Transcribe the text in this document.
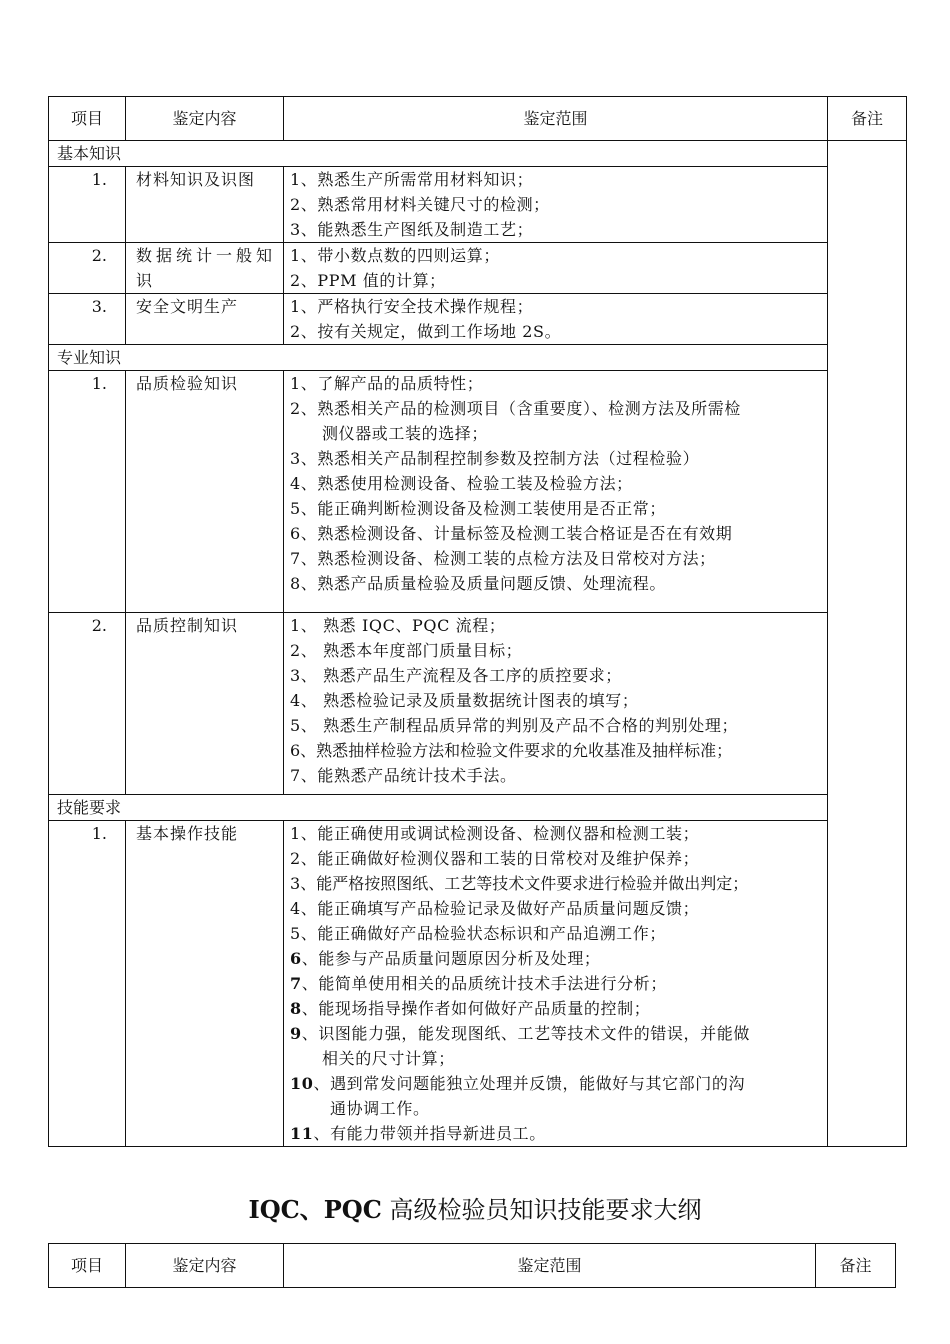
项目	鉴定内容	鉴定范围	备注
基本知识			
1.	材料知识及识图	1、熟悉生产所需常用材料知识；
2、熟悉常用材料关键尺寸的检测；
3、能熟悉生产图纸及制造工艺；	

2.	数据统计一般知识	1、带小数点数的四则运算；
2、PPM 值的计算；	

3.	安全文明生产	1、严格执行安全技术操作规程；
2、按有关规定，做到工作场地 2S。	

专业知识			
1.	品质检验知识	1、了解产品的品质特性；
2、熟悉相关产品的检测项目（含重要度）、检测方法及所需检
测仪器或工装的选择；
3、熟悉相关产品制程控制参数及控制方法（过程检验）
4、熟悉使用检测设备、检验工装及检验方法；
5、能正确判断检测设备及检测工装使用是否正常；
6、熟悉检测设备、计量标签及检测工装合格证是否在有效期
7、熟悉检测设备、检测工装的点检方法及日常校对方法；
8、熟悉产品质量检验及质量问题反馈、处理流程。

2.	品质控制知识	1、 熟悉 IQC、PQC 流程；
2、 熟悉本年度部门质量目标；
3、 熟悉产品生产流程及各工序的质控要求；
4、 熟悉检验记录及质量数据统计图表的填写；
5、 熟悉生产制程品质异常的判别及产品不合格的判别处理；
6、熟悉抽样检验方法和检验文件要求的允收基准及抽样标准；
7、能熟悉产品统计技术手法。

技能要求			
1.	基本操作技能	1、能正确使用或调试检测设备、检测仪器和检测工装；
2、能正确做好检测仪器和工装的日常校对及维护保养；
3、能严格按照图纸、工艺等技术文件要求进行检验并做出判定；
4、能正确填写产品检验记录及做好产品质量问题反馈；
5、能正确做好产品检验状态标识和产品追溯工作；
6、能参与产品质量问题原因分析及处理；
7、能简单使用相关的品质统计技术手法进行分析；
8、能现场指导操作者如何做好产品质量的控制；
9、识图能力强，能发现图纸、工艺等技术文件的错误，并能做
相关的尺寸计算；
10、遇到常发问题能独立处理并反馈，能做好与其它部门的沟
通协调工作。
11、有能力带领并指导新进员工。
IQC、PQC 高级检验员知识技能要求大纲
项目	鉴定内容	鉴定范围	备注
